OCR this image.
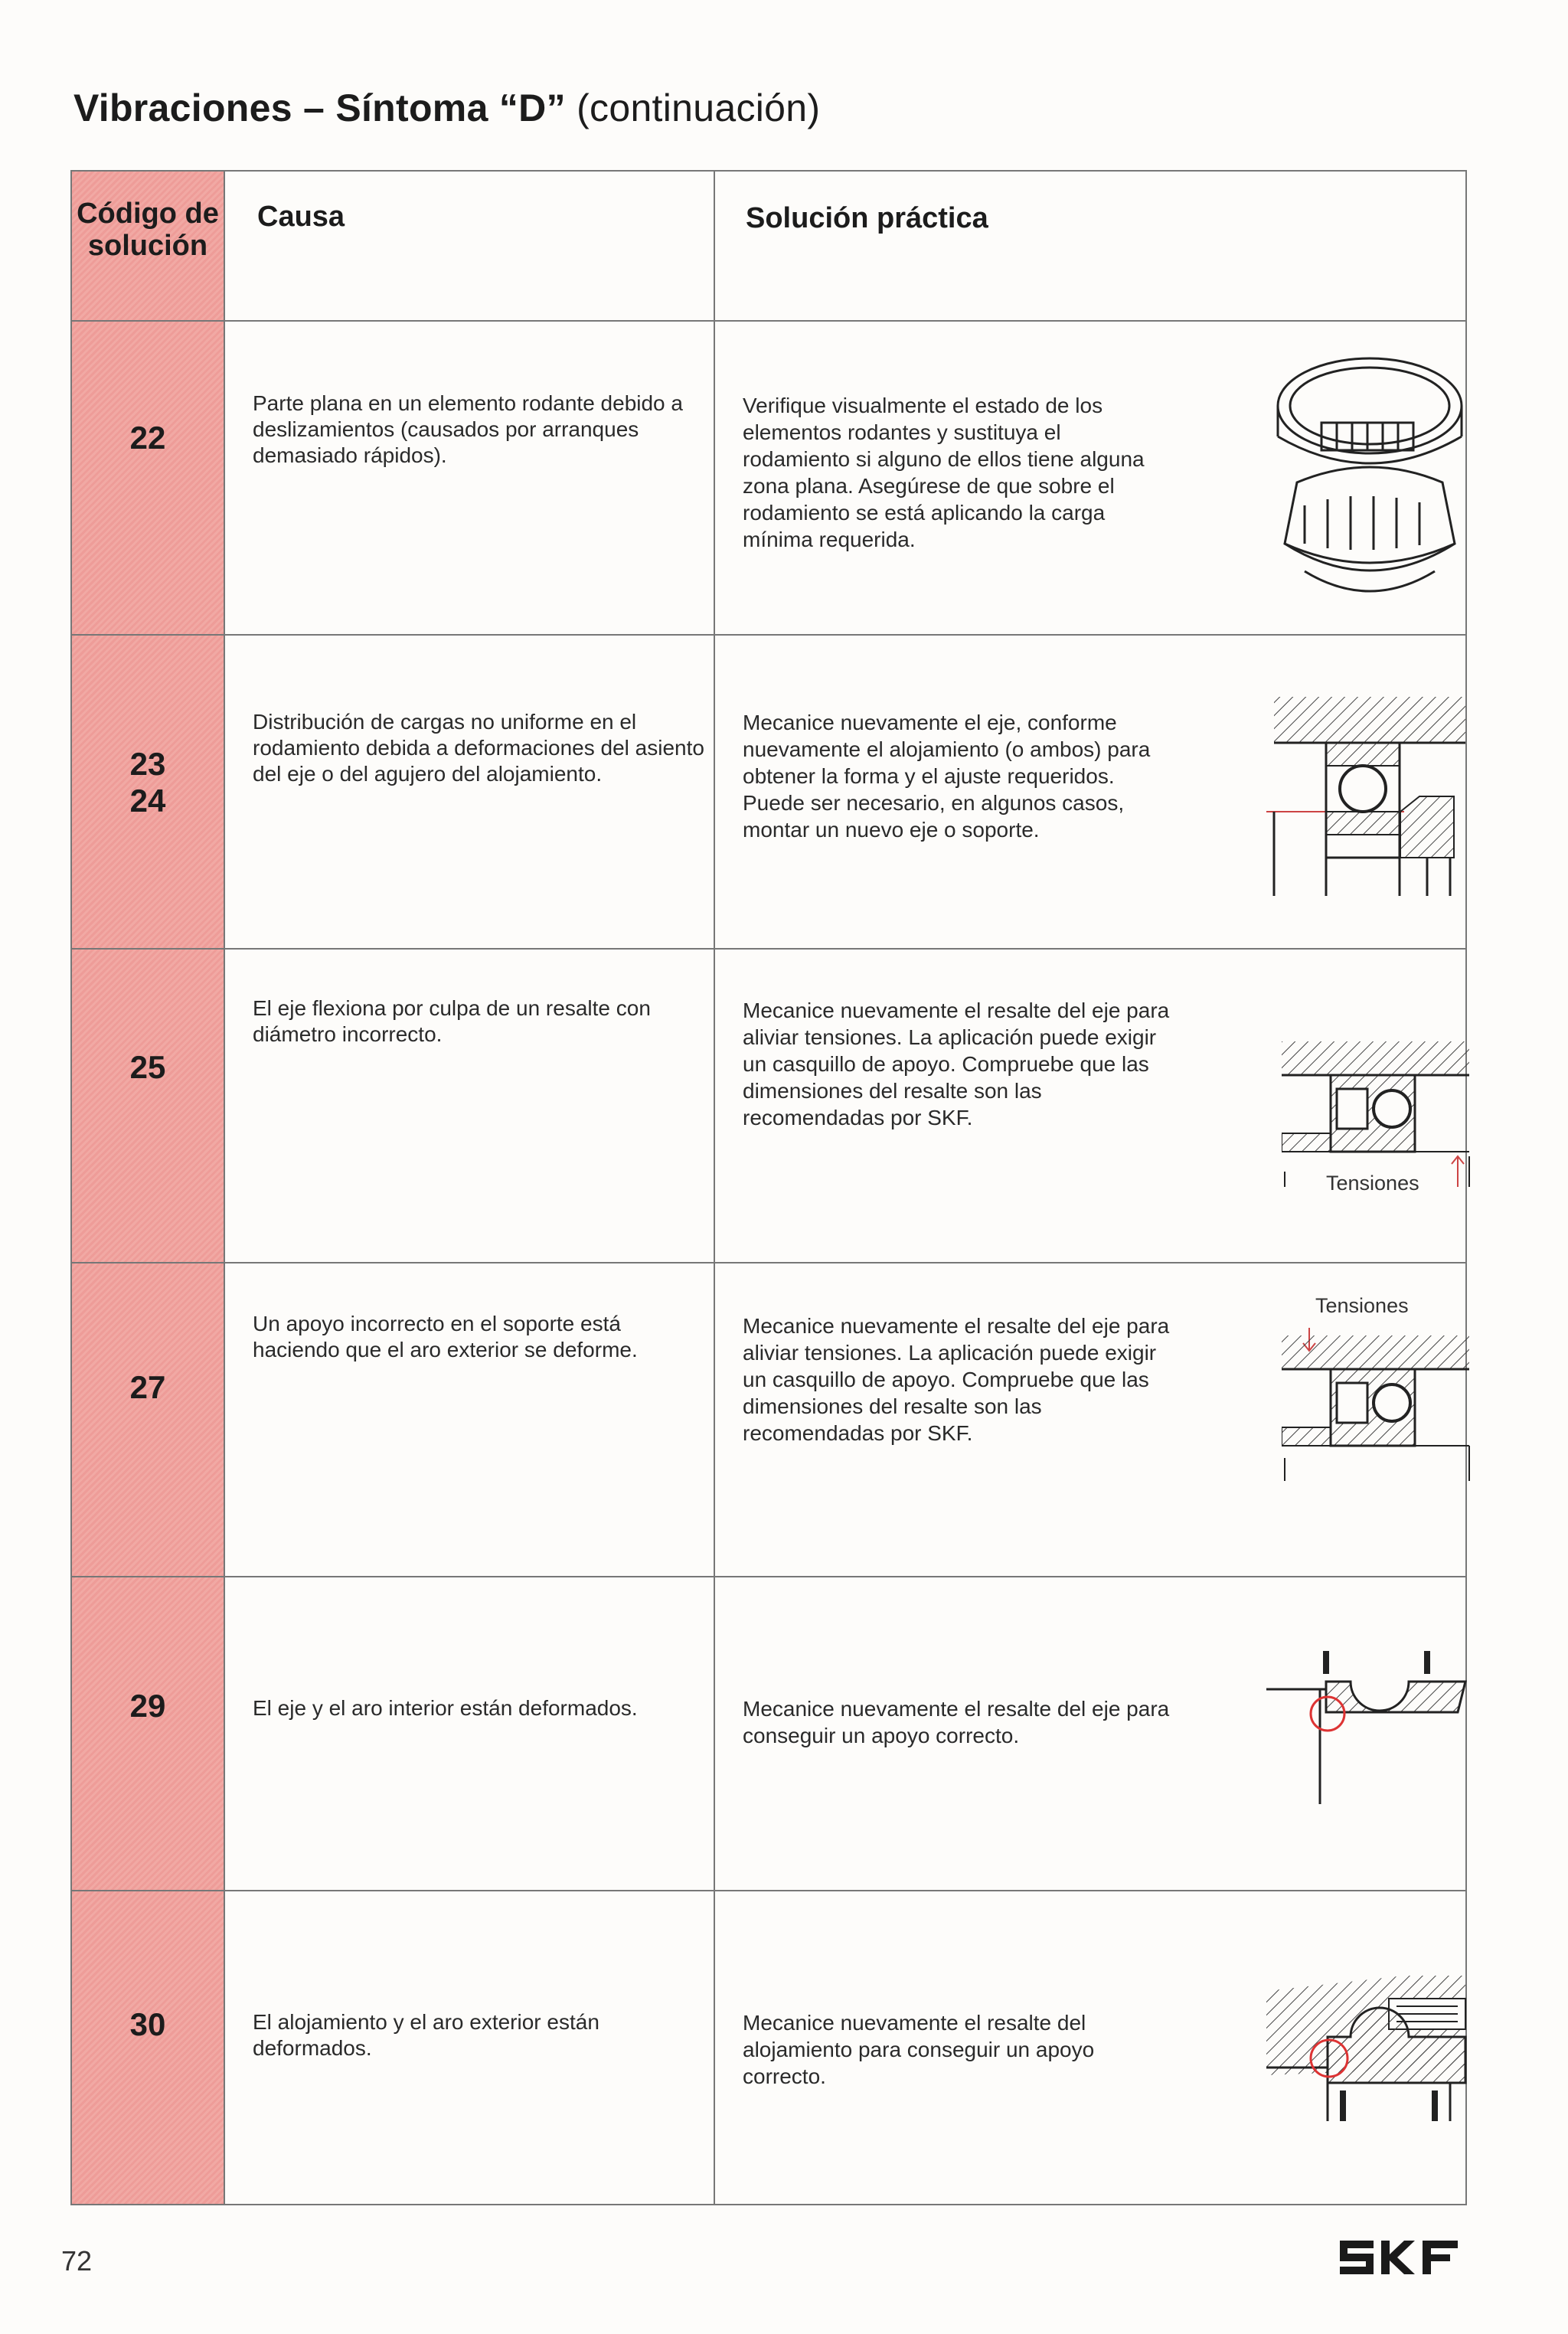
Vibraciones – Síntoma “D” (continuación)
Código de solución	Causa	Solución práctica

22	Parte plana en un elemento rodante debido a deslizamientos (causados por arranques demasiado rápidos).	Verifique visualmente el estado de los elementos rodantes y sustituya el rodamiento si alguno de ellos tiene alguna zona plana. Asegúrese de que sobre el rodamiento se está aplicando la carga mínima requerida.

23
24	Distribución de cargas no uniforme en el rodamiento debida a deformaciones del asiento del eje o del agujero del alojamiento.	Mecanice nuevamente el eje, conforme nuevamente el alojamiento (o ambos) para obtener la forma y el ajuste requeridos. Puede ser necesario, en algunos casos, montar un nuevo eje o soporte.

25	El eje flexiona por culpa de un resalte con diámetro incorrecto.	Mecanice nuevamente el resalte del eje para aliviar tensiones. La aplicación puede exigir un casquillo de apoyo. Compruebe que las dimensiones del resalte son las recomendadas por SKF.
Tensiones

27	Un apoyo incorrecto en el soporte está haciendo que el aro exterior se deforme.	Mecanice nuevamente el resalte del eje para aliviar tensiones. La aplicación puede exigir un casquillo de apoyo. Compruebe que las dimensiones del resalte son las recomendadas por SKF.
Tensiones

29	El eje y el aro interior están deformados.	Mecanice nuevamente el resalte del eje para conseguir un apoyo correcto.

30	El alojamiento y el aro exterior están deformados.	Mecanice nuevamente el resalte del alojamiento para conseguir un apoyo correcto.
72
